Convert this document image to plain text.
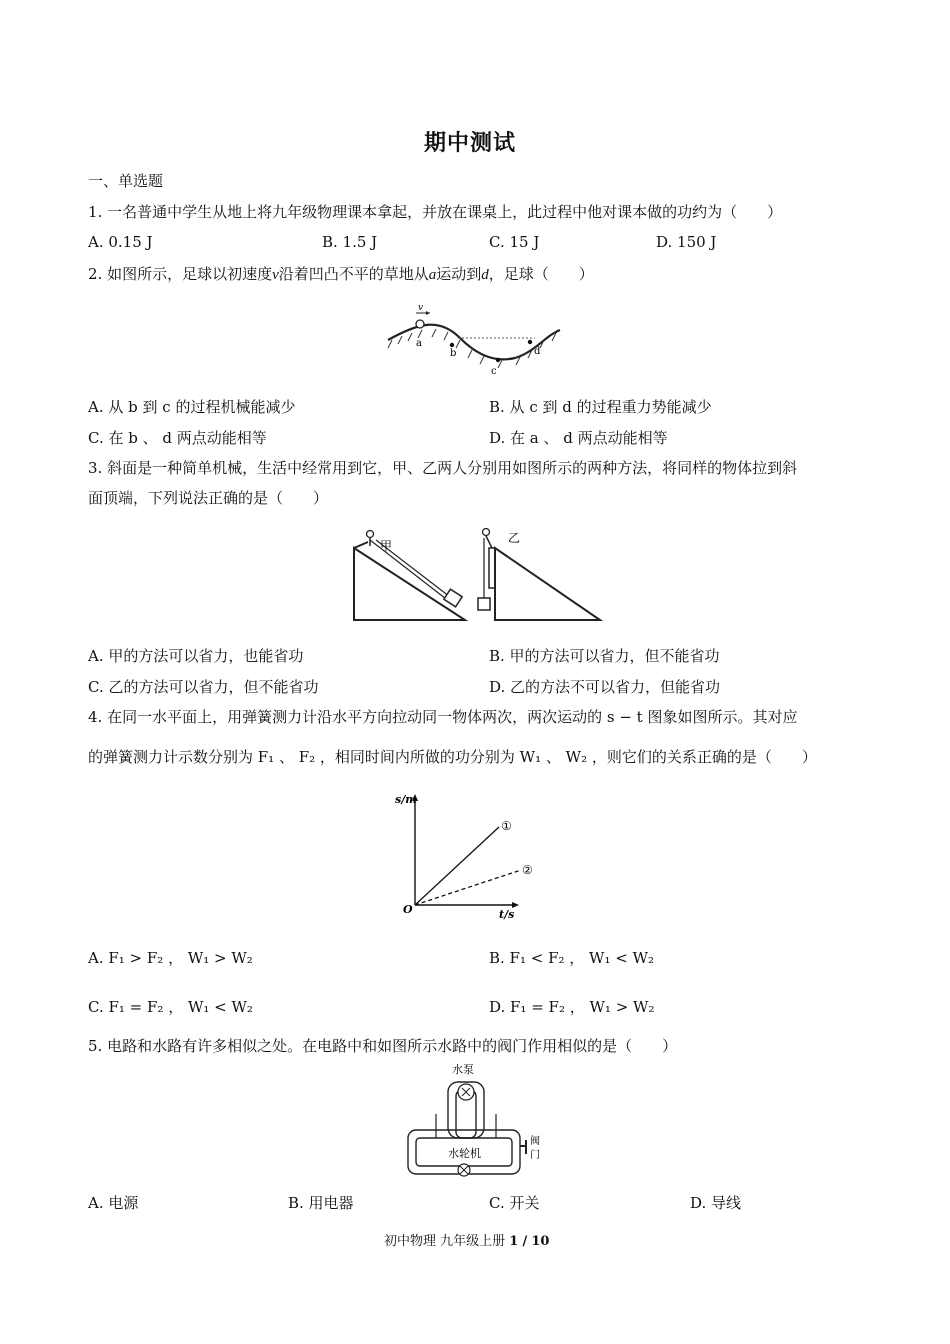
期中测试
一、单选题
1. 一名普通中学生从地上将九年级物理课本拿起，并放在课桌上，此过程中他对课本做的功约为（　　）
A. 0.15 J	B. 1.5 J	C. 15 J	D. 150 J
2. 如图所示，足球以初速度v沿着凹凸不平的草地从a运动到d，足球（　　）
v
a
b
c
d
A. 从 b 到 c 的过程机械能减少	B. 从 c 到 d 的过程重力势能减少
C. 在 b 、 d 两点动能相等	D. 在 a 、 d 两点动能相等
3. 斜面是一种简单机械，生活中经常用到它，甲、乙两人分别用如图所示的两种方法，将同样的物体拉到斜
面顶端，下列说法正确的是（　　）
甲
乙
A. 甲的方法可以省力，也能省功	B. 甲的方法可以省力，但不能省功
C. 乙的方法可以省力，但不能省功	D. 乙的方法不可以省力，但能省功
4. 在同一水平面上，用弹簧测力计沿水平方向拉动同一物体两次，两次运动的 s − t 图象如图所示。其对应
的弹簧测力计示数分别为 F₁ 、 F₂ ，相同时间内所做的功分别为 W₁ 、 W₂ ，则它们的关系正确的是（　　）
s/m
t/s
O
①
②
A. F₁ > F₂ ， W₁ > W₂	B. F₁ < F₂ ， W₁ < W₂
C. F₁ = F₂ ， W₁ < W₂	D. F₁ = F₂ ， W₁ > W₂
5. 电路和水路有许多相似之处。在电路中和如图所示水路中的阀门作用相似的是（　　）
水泵
水轮机
阀
门
A. 电源	B. 用电器	C. 开关	D. 导线
初中物理 九年级上册 1 / 10
